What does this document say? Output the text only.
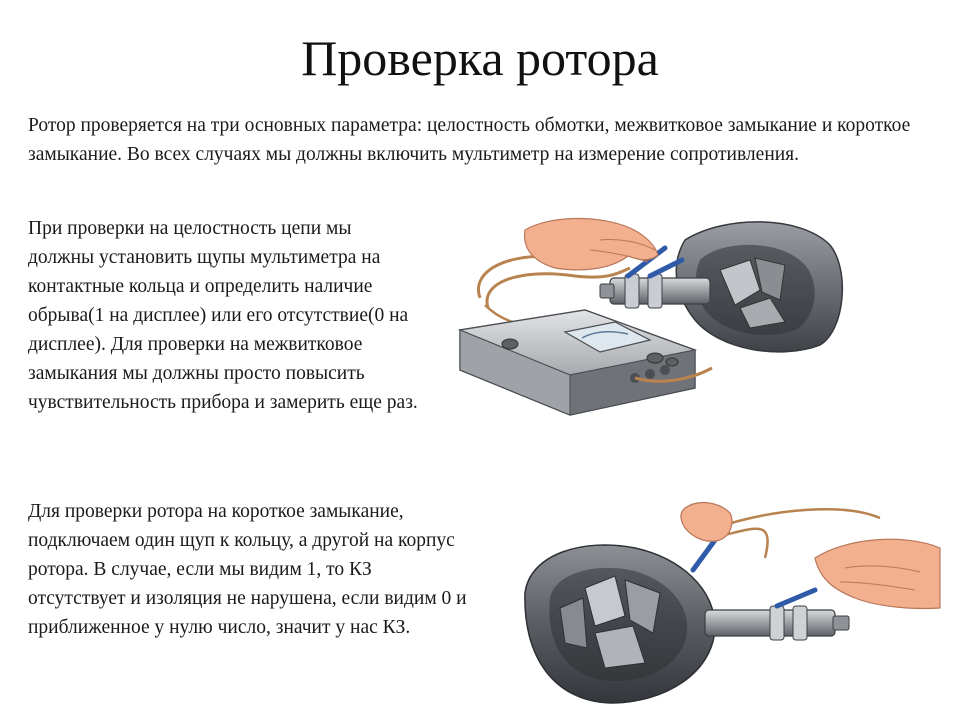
Проверка ротора

Ротор проверяется на три основных параметра: целостность обмотки, межвитковое замыкание и короткое замыкание. Во всех случаях мы должны включить мультиметр на измерение сопротивления.

При проверки на целостность цепи мы должны установить щупы мультиметра на контактные кольца и определить наличие обрыва(1 на дисплее) или его отсутствие(0 на дисплее). Для проверки на межвитковое замыкания мы должны просто повысить чувствительность прибора и замерить еще раз.

Для проверки ротора на короткое замыкание, подключаем один щуп к кольцу, а другой на корпус ротора. В случае, если мы видим 1, то КЗ отсутствует и изоляция не нарушена, если видим 0 и приближенное у нулю число, значит у нас КЗ.
